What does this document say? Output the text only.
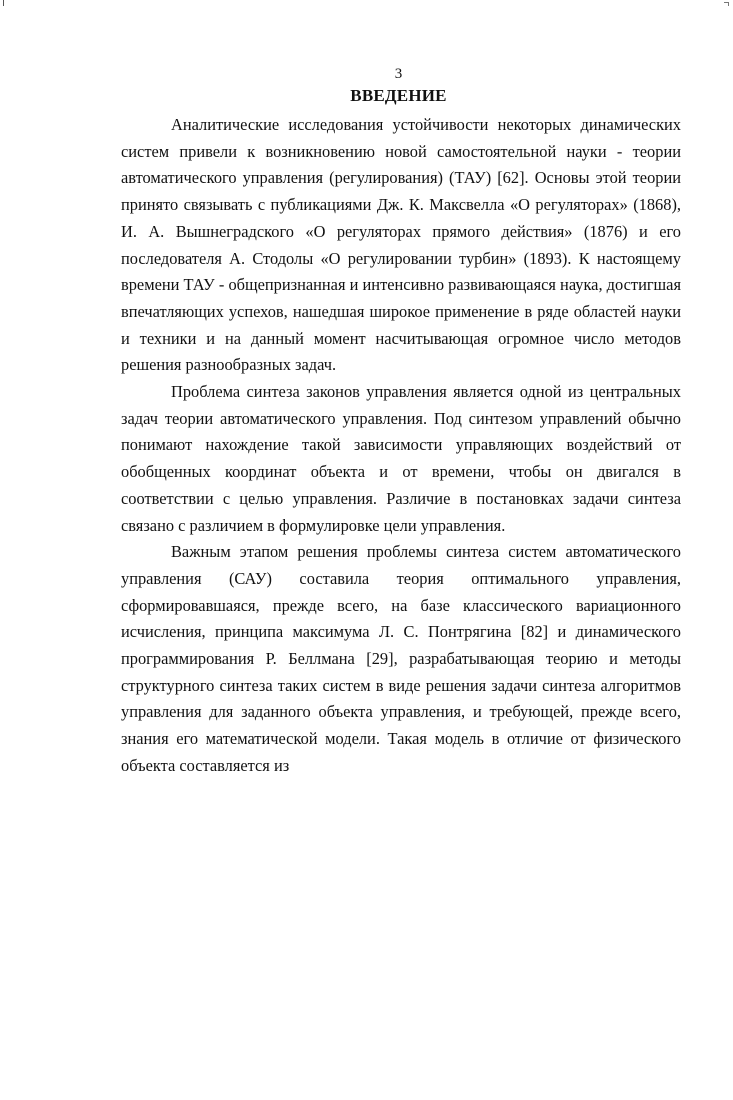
3
ВВЕДЕНИЕ

Аналитические исследования устойчивости некоторых динамических систем привели к возникновению новой самостоятельной науки - теории автоматического управления (регулирования) (ТАУ) [62]. Основы этой теории принято связывать с публикациями Дж. К. Максвелла «О регуляторах» (1868), И. А. Вышнеградского «О регуляторах прямого действия» (1876) и его последователя А. Стодолы «О регулировании турбин» (1893). К настоящему времени ТАУ - общепризнанная и интенсивно развивающаяся наука, достигшая впечатляющих успехов, нашедшая широкое применение в ряде областей науки и техники и на данный момент насчитывающая огромное число методов решения разнообразных задач.

Проблема синтеза законов управления является одной из центральных задач теории автоматического управления. Под синтезом управлений обычно понимают нахождение такой зависимости управляющих воздействий от обобщенных координат объекта и от времени, чтобы он двигался в соответствии с целью управления. Различие в постановках задачи синтеза связано с различием в формулировке цели управления.

Важным этапом решения проблемы синтеза систем автоматического управления (САУ) составила теория оптимального управления, сформировавшаяся, прежде всего, на базе классического вариационного исчисления, принципа максимума Л. С. Понтрягина [82] и динамического программирования Р. Беллмана [29], разрабатывающая теорию и методы структурного синтеза таких систем в виде решения задачи синтеза алгоритмов управления для заданного объекта управления, и требующей, прежде всего, знания его математической модели. Такая модель в отличие от физического объекта составляется из
